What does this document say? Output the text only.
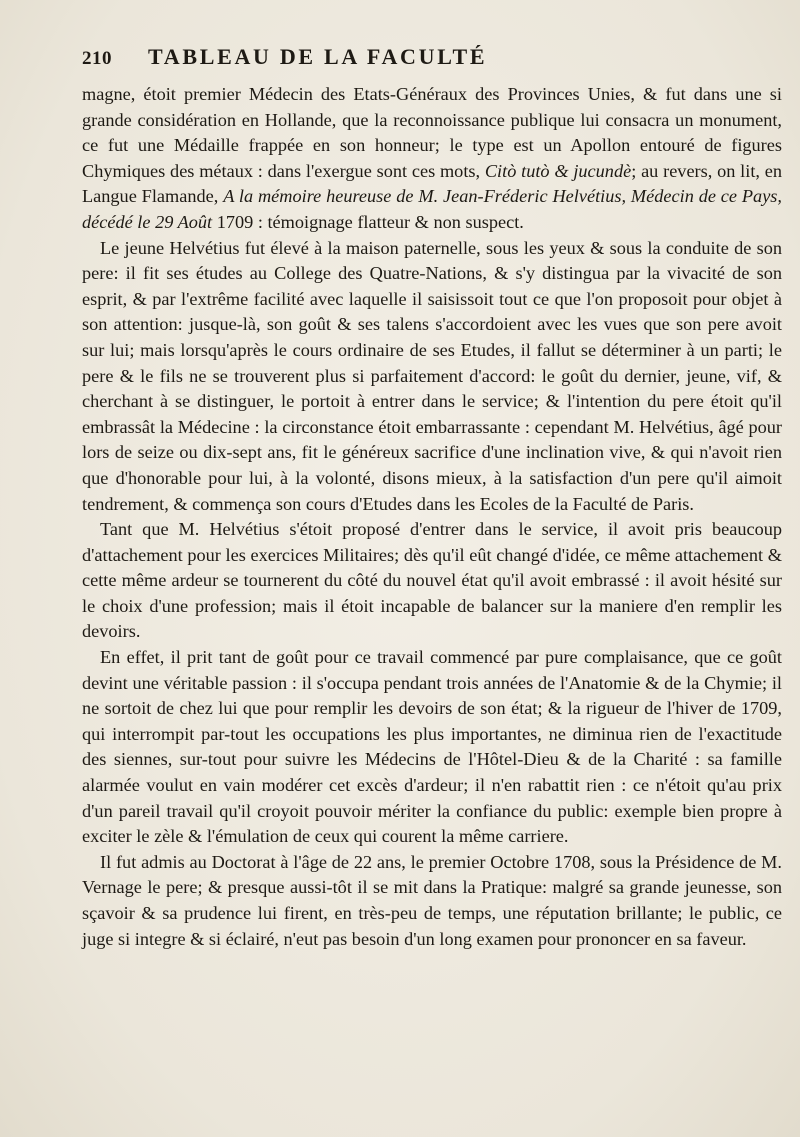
210 TABLEAU DE LA FACULTÉ

magne, étoit premier Médecin des Etats-Généraux des Provinces Unies, & fut dans une si grande considération en Hollande, que la reconnoissance publique lui consacra un monument, ce fut une Médaille frappée en son honneur; le type est un Apollon entouré de figures Chymiques des métaux : dans l'exergue sont ces mots, Citò tutò & jucundè; au revers, on lit, en Langue Flamande, A la mémoire heureuse de M. Jean-Fréderic Helvétius, Médecin de ce Pays, décédé le 29 Août 1709 : témoignage flatteur & non suspect.

Le jeune Helvétius fut élevé à la maison paternelle, sous les yeux & sous la conduite de son pere: il fit ses études au College des Quatre-Nations, & s'y distingua par la vivacité de son esprit, & par l'extrême facilité avec laquelle il saisissoit tout ce que l'on proposoit pour objet à son attention: jusque-là, son goût & ses talens s'accordoient avec les vues que son pere avoit sur lui; mais lorsqu'après le cours ordinaire de ses Etudes, il fallut se déterminer à un parti; le pere & le fils ne se trouverent plus si parfaitement d'accord: le goût du dernier, jeune, vif, & cherchant à se distinguer, le portoit à entrer dans le service; & l'intention du pere étoit qu'il embrassât la Médecine : la circonstance étoit embarrassante : cependant M. Helvétius, âgé pour lors de seize ou dix-sept ans, fit le généreux sacrifice d'une inclination vive, & qui n'avoit rien que d'honorable pour lui, à la volonté, disons mieux, à la satisfaction d'un pere qu'il aimoit tendrement, & commença son cours d'Etudes dans les Ecoles de la Faculté de Paris.

Tant que M. Helvétius s'étoit proposé d'entrer dans le service, il avoit pris beaucoup d'attachement pour les exercices Militaires; dès qu'il eût changé d'idée, ce même attachement & cette même ardeur se tournerent du côté du nouvel état qu'il avoit embrassé : il avoit hésité sur le choix d'une profession; mais il étoit incapable de balancer sur la maniere d'en remplir les devoirs.

En effet, il prit tant de goût pour ce travail commencé par pure complaisance, que ce goût devint une véritable passion : il s'occupa pendant trois années de l'Anatomie & de la Chymie; il ne sortoit de chez lui que pour remplir les devoirs de son état; & la rigueur de l'hiver de 1709, qui interrompit par-tout les occupations les plus importantes, ne diminua rien de l'exactitude des siennes, sur-tout pour suivre les Médecins de l'Hôtel-Dieu & de la Charité : sa famille alarmée voulut en vain modérer cet excès d'ardeur; il n'en rabattit rien : ce n'étoit qu'au prix d'un pareil travail qu'il croyoit pouvoir mériter la confiance du public: exemple bien propre à exciter le zèle & l'émulation de ceux qui courent la même carriere.

Il fut admis au Doctorat à l'âge de 22 ans, le premier Octobre 1708, sous la Présidence de M. Vernage le pere; & presque aussi-tôt il se mit dans la Pratique: malgré sa grande jeunesse, son sçavoir & sa prudence lui firent, en très-peu de temps, une réputation brillante; le public, ce juge si integre & si éclairé, n'eut pas besoin d'un long examen pour prononcer en sa faveur.
